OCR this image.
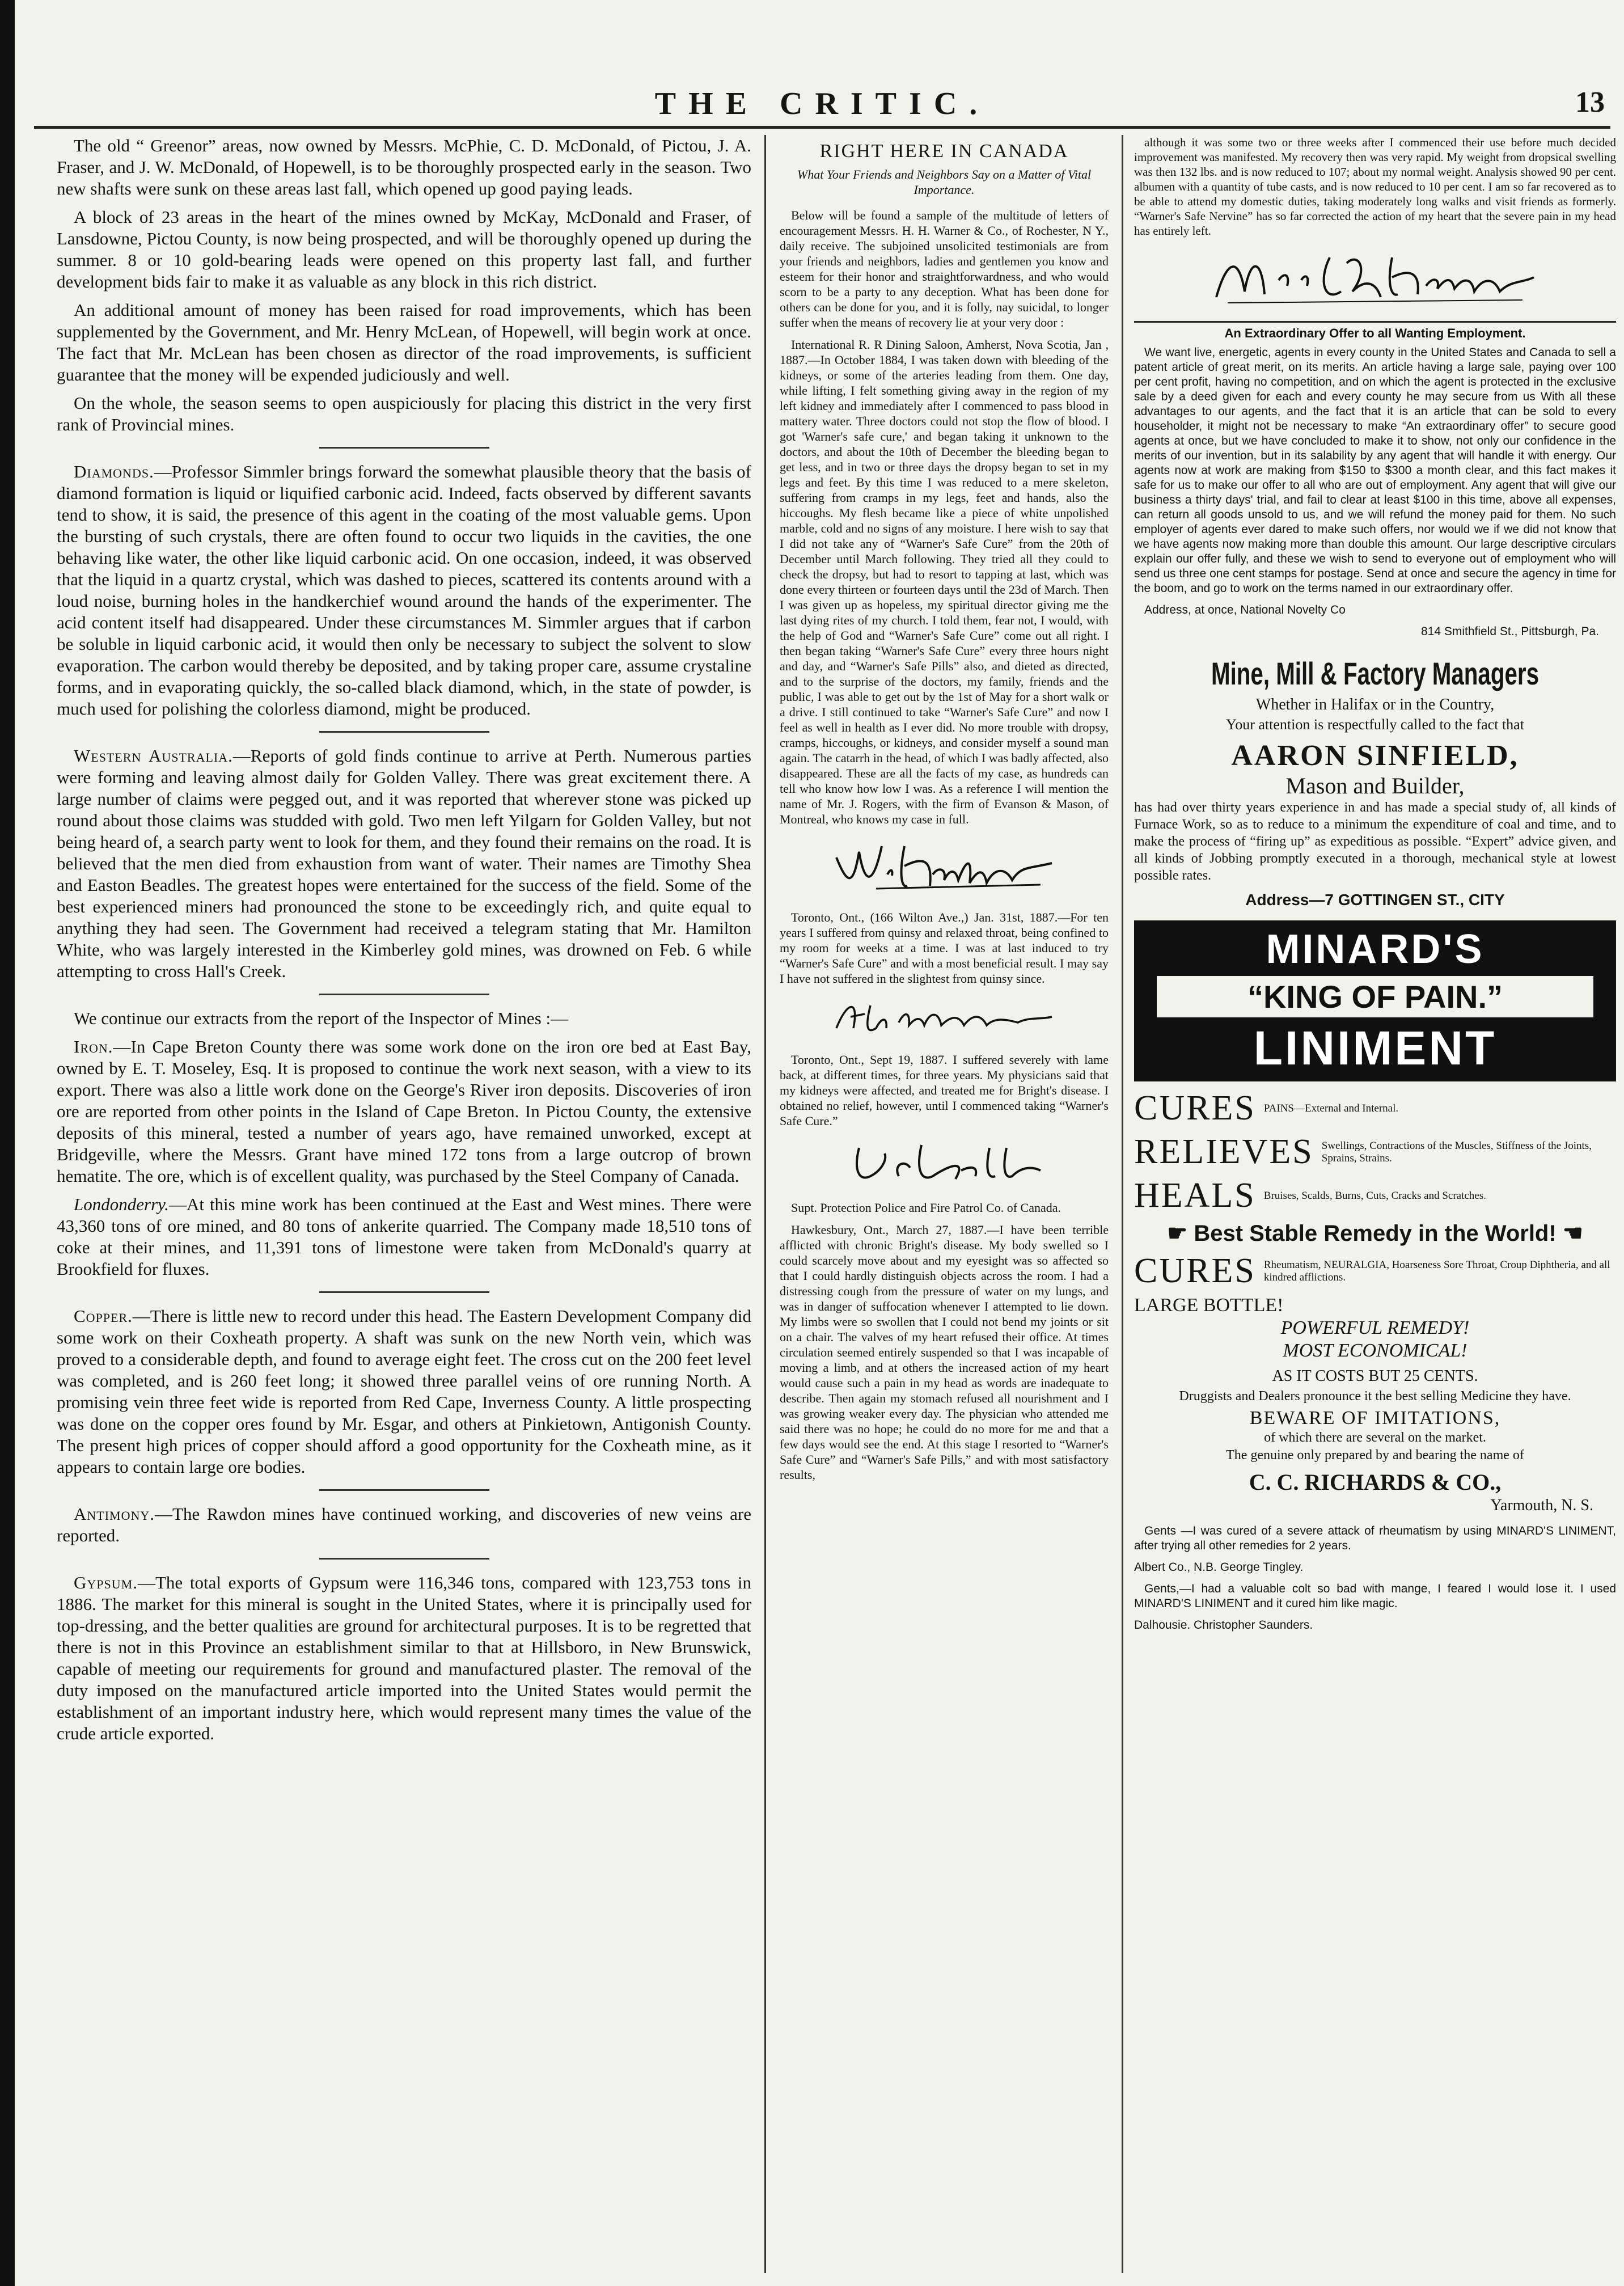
THE CRITIC.	13

The old “ Greenor” areas, now owned by Messrs. McPhie, C. D. McDonald, of Pictou, J. A. Fraser, and J. W. McDonald, of Hopewell, is to be thoroughly prospected early in the season. Two new shafts were sunk on these areas last fall, which opened up good paying leads.

A block of 23 areas in the heart of the mines owned by McKay, McDonald and Fraser, of Lansdowne, Pictou County, is now being prospected, and will be thoroughly opened up during the summer. 8 or 10 gold-bearing leads were opened on this property last fall, and further development bids fair to make it as valuable as any block in this rich district.

An additional amount of money has been raised for road improvements, which has been supplemented by the Government, and Mr. Henry McLean, of Hopewell, will begin work at once. The fact that Mr. McLean has been chosen as director of the road improvements, is sufficient guarantee that the money will be expended judiciously and well.

On the whole, the season seems to open auspiciously for placing this district in the very first rank of Provincial mines.

Diamonds.—Professor Simmler brings forward the somewhat plausible theory that the basis of diamond formation is liquid or liquified carbonic acid. Indeed, facts observed by different savants tend to show, it is said, the presence of this agent in the coating of the most valuable gems. Upon the bursting of such crystals, there are often found to occur two liquids in the cavities, the one behaving like water, the other like liquid carbonic acid. On one occasion, indeed, it was observed that the liquid in a quartz crystal, which was dashed to pieces, scattered its contents around with a loud noise, burning holes in the handkerchief wound around the hands of the experimenter. The acid content itself had disappeared. Under these circumstances M. Simmler argues that if carbon be soluble in liquid carbonic acid, it would then only be necessary to subject the solvent to slow evaporation. The carbon would thereby be deposited, and by taking proper care, assume crystaline forms, and in evaporating quickly, the so-called black diamond, which, in the state of powder, is much used for polishing the colorless diamond, might be produced.

Western Australia.—Reports of gold finds continue to arrive at Perth. Numerous parties were forming and leaving almost daily for Golden Valley. There was great excitement there. A large number of claims were pegged out, and it was reported that wherever stone was picked up round about those claims was studded with gold. Two men left Yilgarn for Golden Valley, but not being heard of, a search party went to look for them, and they found their remains on the road. It is believed that the men died from exhaustion from want of water. Their names are Timothy Shea and Easton Beadles. The greatest hopes were entertained for the success of the field. Some of the best experienced miners had pronounced the stone to be exceedingly rich, and quite equal to anything they had seen. The Government had received a telegram stating that Mr. Hamilton White, who was largely interested in the Kimberley gold mines, was drowned on Feb. 6 while attempting to cross Hall's Creek.

We continue our extracts from the report of the Inspector of Mines :—

Iron.—In Cape Breton County there was some work done on the iron ore bed at East Bay, owned by E. T. Moseley, Esq. It is proposed to continue the work next season, with a view to its export. There was also a little work done on the George's River iron deposits. Discoveries of iron ore are reported from other points in the Island of Cape Breton. In Pictou County, the extensive deposits of this mineral, tested a number of years ago, have remained unworked, except at Bridgeville, where the Messrs. Grant have mined 172 tons from a large outcrop of brown hematite. The ore, which is of excellent quality, was purchased by the Steel Company of Canada.

Londonderry.—At this mine work has been continued at the East and West mines. There were 43,360 tons of ore mined, and 80 tons of ankerite quarried. The Company made 18,510 tons of coke at their mines, and 11,391 tons of limestone were taken from McDonald's quarry at Brookfield for fluxes.

Copper.—There is little new to record under this head. The Eastern Development Company did some work on their Coxheath property. A shaft was sunk on the new North vein, which was proved to a considerable depth, and found to average eight feet. The cross cut on the 200 feet level was completed, and is 260 feet long; it showed three parallel veins of ore running North. A promising vein three feet wide is reported from Red Cape, Inverness County. A little prospecting was done on the copper ores found by Mr. Esgar, and others at Pinkietown, Antigonish County. The present high prices of copper should afford a good opportunity for the Coxheath mine, as it appears to contain large ore bodies.

Antimony.—The Rawdon mines have continued working, and discoveries of new veins are reported.

Gypsum.—The total exports of Gypsum were 116,346 tons, compared with 123,753 tons in 1886. The market for this mineral is sought in the United States, where it is principally used for top-dressing, and the better qualities are ground for architectural purposes. It is to be regretted that there is not in this Province an establishment similar to that at Hillsboro, in New Brunswick, capable of meeting our requirements for ground and manufactured plaster. The removal of the duty imposed on the manufactured article imported into the United States would permit the establishment of an important industry here, which would represent many times the value of the crude article exported.

RIGHT HERE IN CANADA
What Your Friends and Neighbors Say on a Matter of Vital Importance.

Below will be found a sample of the multitude of letters of encouragement Messrs. H. H. Warner & Co., of Rochester, N Y., daily receive. The subjoined unsolicited testimonials are from your friends and neighbors, ladies and gentlemen you know and esteem for their honor and straightforwardness, and who would scorn to be a party to any deception. What has been done for others can be done for you, and it is folly, nay suicidal, to longer suffer when the means of recovery lie at your very door :

International R. R Dining Saloon, Amherst, Nova Scotia, Jan , 1887.—In October 1884, I was taken down with bleeding of the kidneys, or some of the arteries leading from them. One day, while lifting, I felt something giving away in the region of my left kidney and immediately after I commenced to pass blood in mattery water. Three doctors could not stop the flow of blood. I got 'Warner's safe cure,' and began taking it unknown to the doctors, and about the 10th of December the bleeding began to get less, and in two or three days the dropsy began to set in my legs and feet. By this time I was reduced to a mere skeleton, suffering from cramps in my legs, feet and hands, also the hiccoughs. My flesh became like a piece of white unpolished marble, cold and no signs of any moisture. I here wish to say that I did not take any of “Warner's Safe Cure” from the 20th of December until March following. They tried all they could to check the dropsy, but had to resort to tapping at last, which was done every thirteen or fourteen days until the 23d of March. Then I was given up as hopeless, my spiritual director giving me the last dying rites of my church. I told them, fear not, I would, with the help of God and “Warner's Safe Cure” come out all right. I then began taking “Warner's Safe Cure” every three hours night and day, and “Warner's Safe Pills” also, and dieted as directed, and to the surprise of the doctors, my family, friends and the public, I was able to get out by the 1st of May for a short walk or a drive. I still continued to take “Warner's Safe Cure” and now I feel as well in health as I ever did. No more trouble with dropsy, cramps, hiccoughs, or kidneys, and consider myself a sound man again. The catarrh in the head, of which I was badly affected, also disappeared. These are all the facts of my case, as hundreds can tell who know how low I was. As a reference I will mention the name of Mr. J. Rogers, with the firm of Evanson & Mason, of Montreal, who knows my case in full.

Toronto, Ont., (166 Wilton Ave.,) Jan. 31st, 1887.—For ten years I suffered from quinsy and relaxed throat, being confined to my room for weeks at a time. I was at last induced to try “Warner's Safe Cure” and with a most beneficial result. I may say I have not suffered in the slightest from quinsy since.

Toronto, Ont., Sept 19, 1887. I suffered severely with lame back, at different times, for three years. My physicians said that my kidneys were affected, and treated me for Bright's disease. I obtained no relief, however, until I commenced taking “Warner's Safe Cure.”

Supt. Protection Police and Fire Patrol Co. of Canada.

Hawkesbury, Ont., March 27, 1887.—I have been terrible afflicted with chronic Bright's disease. My body swelled so I could scarcely move about and my eyesight was so affected so that I could hardly distinguish objects across the room. I had a distressing cough from the pressure of water on my lungs, and was in danger of suffocation whenever I attempted to lie down. My limbs were so swollen that I could not bend my joints or sit on a chair. The valves of my heart refused their office. At times circulation seemed entirely suspended so that I was incapable of moving a limb, and at others the increased action of my heart would cause such a pain in my head as words are inadequate to describe. Then again my stomach refused all nourishment and I was growing weaker every day. The physician who attended me said there was no hope; he could do no more for me and that a few days would see the end. At this stage I resorted to “Warner's Safe Cure” and “Warner's Safe Pills,” and with most satisfactory results,

although it was some two or three weeks after I commenced their use before much decided improvement was manifested. My recovery then was very rapid. My weight from dropsical swelling was then 132 lbs. and is now reduced to 107; about my normal weight. Analysis showed 90 per cent. albumen with a quantity of tube casts, and is now reduced to 10 per cent. I am so far recovered as to be able to attend my domestic duties, taking moderately long walks and visit friends as formerly. “Warner's Safe Nervine” has so far corrected the action of my heart that the severe pain in my head has entirely left.

An Extraordinary Offer to all Wanting Employment.

We want live, energetic, agents in every county in the United States and Canada to sell a patent article of great merit, on its merits. An article having a large sale, paying over 100 per cent profit, having no competition, and on which the agent is protected in the exclusive sale by a deed given for each and every county he may secure from us With all these advantages to our agents, and the fact that it is an article that can be sold to every householder, it might not be necessary to make “An extraordinary offer” to secure good agents at once, but we have concluded to make it to show, not only our confidence in the merits of our invention, but in its salability by any agent that will handle it with energy. Our agents now at work are making from $150 to $300 a month clear, and this fact makes it safe for us to make our offer to all who are out of employment. Any agent that will give our business a thirty days' trial, and fail to clear at least $100 in this time, above all expenses, can return all goods unsold to us, and we will refund the money paid for them. No such employer of agents ever dared to make such offers, nor would we if we did not know that we have agents now making more than double this amount. Our large descriptive circulars explain our offer fully, and these we wish to send to everyone out of employment who will send us three one cent stamps for postage. Send at once and secure the agency in time for the boom, and go to work on the terms named in our extraordinary offer.

Address, at once, National Novelty Co

814 Smithfield St., Pittsburgh, Pa.

Mine, Mill & Factory Managers
Whether in Halifax or in the Country,
Your attention is respectfully called to the fact that
AARON SINFIELD,
Mason and Builder,

has had over thirty years experience in and has made a special study of, all kinds of Furnace Work, so as to reduce to a minimum the expenditure of coal and time, and to make the process of “firing up” as expeditious as possible. “Expert” advice given, and all kinds of Jobbing promptly executed in a thorough, mechanical style at lowest possible rates.

Address—7 GOTTINGEN ST., CITY
MINARD'S
“KING OF PAIN.”
LINIMENT
CURES PAINS—External and Internal.
RELIEVES Swellings, Contractions of the Muscles, Stiffness of the Joints, Sprains, Strains.
HEALS Bruises, Scalds, Burns, Cuts, Cracks and Scratches.
☛ Best Stable Remedy in the World! ☚
CURES Rheumatism, NEURALGIA, Hoarseness Sore Throat, Croup Diphtheria, and all kindred afflictions.
LARGE BOTTLE!
POWERFUL REMEDY!
MOST ECONOMICAL!
AS IT COSTS BUT 25 CENTS.
Druggists and Dealers pronounce it the best selling Medicine they have.
BEWARE OF IMITATIONS,
of which there are several on the market.
The genuine only prepared by and bearing the name of
C. C. RICHARDS & CO.,
Yarmouth, N. S.

Gents —I was cured of a severe attack of rheumatism by using MINARD'S LINIMENT, after trying all other remedies for 2 years.

Albert Co., N.B. George Tingley.

Gents,—I had a valuable colt so bad with mange, I feared I would lose it. I used MINARD'S LINIMENT and it cured him like magic.

Dalhousie. Christopher Saunders.
